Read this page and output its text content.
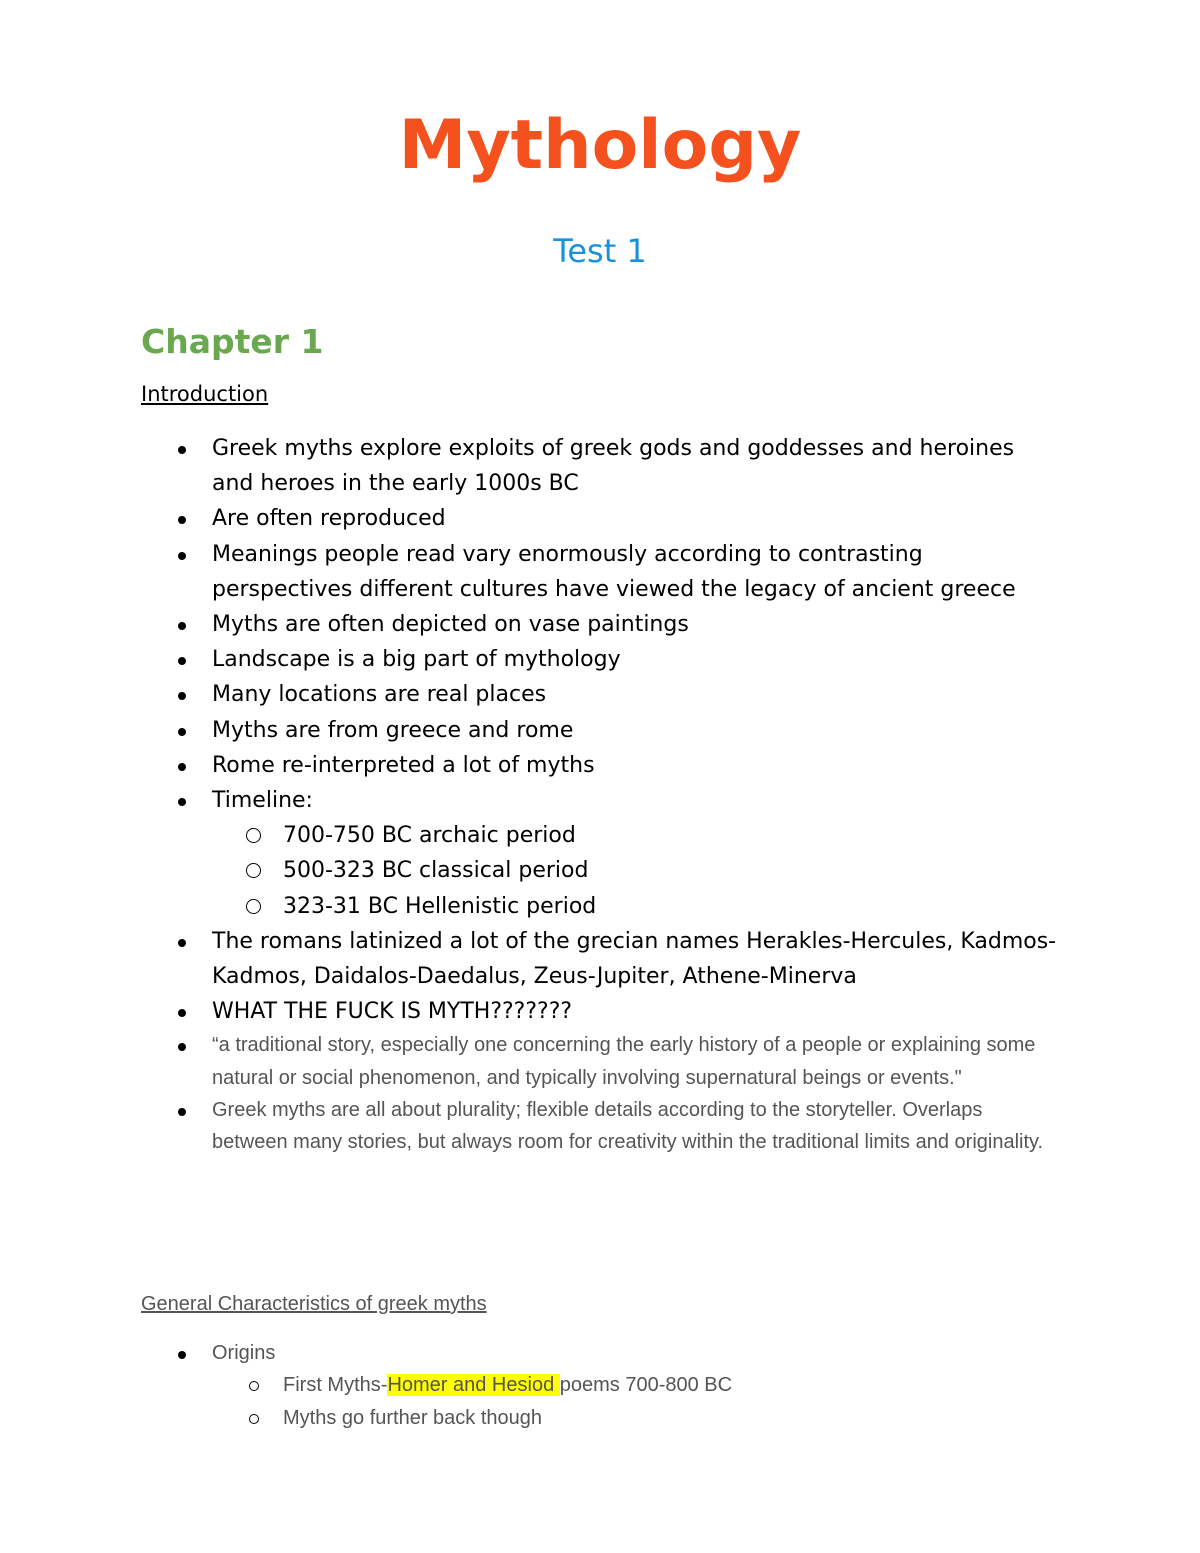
Mythology
Test 1
Chapter 1
Introduction
Greek myths explore exploits of greek gods and goddesses and heroines and heroes in the early 1000s BC
Are often reproduced
Meanings people read vary enormously according to contrasting perspectives different cultures have viewed the legacy of ancient greece
Myths are often depicted on vase paintings
Landscape is a big part of mythology
Many locations are real places
Myths are from greece and rome
Rome re-interpreted a lot of myths
Timeline:
700-750 BC archaic period
500-323 BC classical period
323-31 BC Hellenistic period
The romans latinized a lot of the grecian names Herakles-Hercules, Kadmos-Kadmos, Daidalos-Daedalus, Zeus-Jupiter, Athene-Minerva
WHAT THE FUCK IS MYTH???????
“a traditional story, especially one concerning the early history of a people or explaining some natural or social phenomenon, and typically involving supernatural beings or events."
Greek myths are all about plurality; flexible details according to the storyteller. Overlaps between many stories, but always room for creativity within the traditional limits and originality.
General Characteristics of greek myths
Origins
First Myths-Homer and Hesiod poems 700-800 BC
Myths go further back though
